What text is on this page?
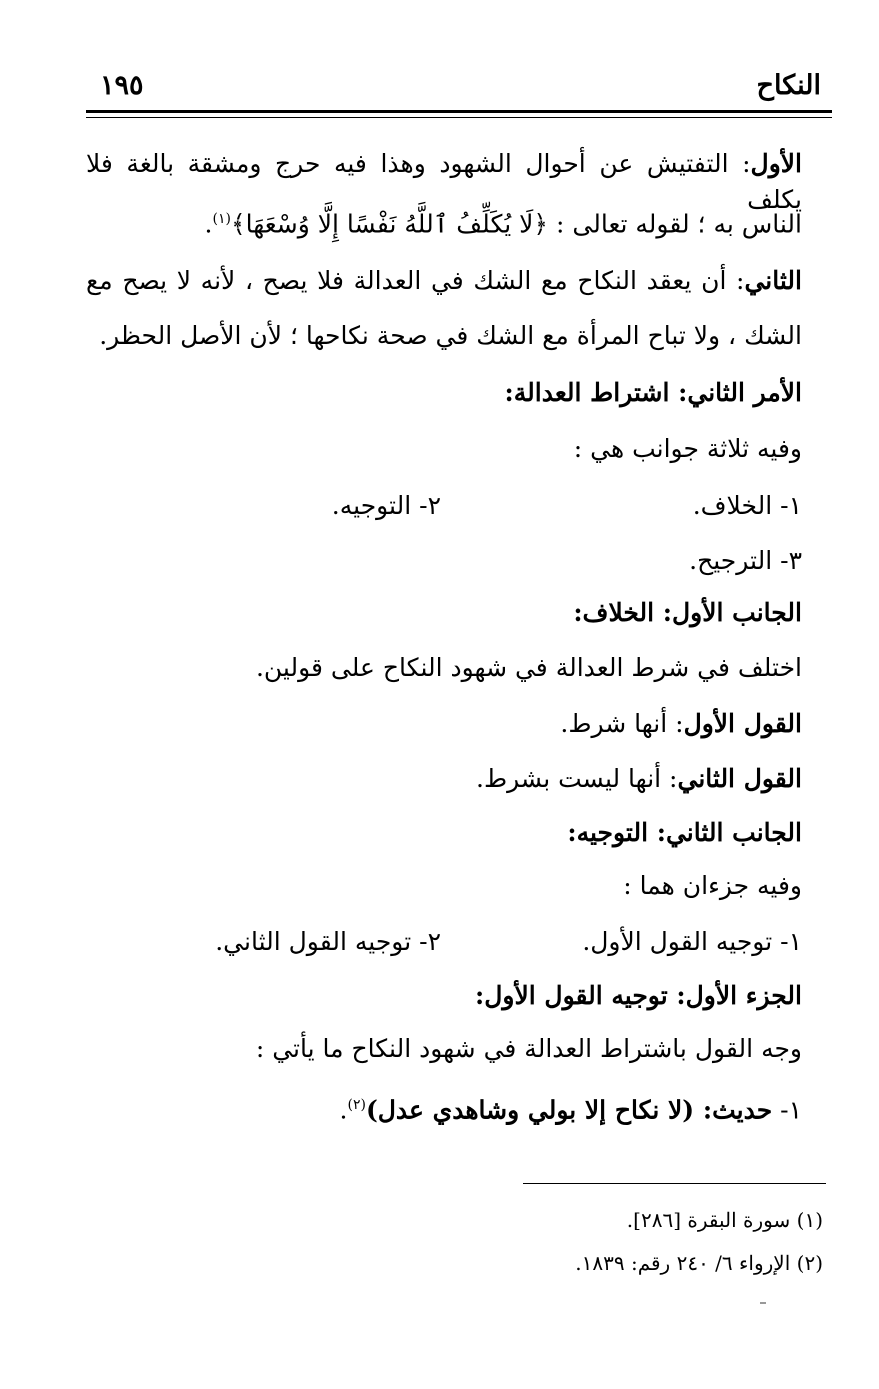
النكاح
١٩٥
الأول: التفتيش عن أحوال الشهود وهذا فيه حرج ومشقة بالغة فلا يكلف
الناس به ؛ لقوله تعالى : ﴿لَا يُكَلِّفُ ٱللَّهُ نَفْسًا إِلَّا وُسْعَهَا﴾$^{(١)}$.
الثاني: أن يعقد النكاح مع الشك في العدالة فلا يصح ، لأنه لا يصح مع
الشك ، ولا تباح المرأة مع الشك في صحة نكاحها ؛ لأن الأصل الحظر.
الأمر الثاني: اشتراط العدالة:
وفيه ثلاثة جوانب هي :
١- الخلاف.
٢- التوجيه.
٣- الترجيح.
الجانب الأول: الخلاف:
اختلف في شرط العدالة في شهود النكاح على قولين.
القول الأول: أنها شرط.
القول الثاني: أنها ليست بشرط.
الجانب الثاني: التوجيه:
وفيه جزءان هما :
١- توجيه القول الأول.
٢- توجيه القول الثاني.
الجزء الأول: توجيه القول الأول:
وجه القول باشتراط العدالة في شهود النكاح ما يأتي :
١- حديث: (لا نكاح إلا بولي وشاهدي عدل)$^{(٢)}$.
(١) سورة البقرة [٢٨٦].
(٢) الإرواء ٦/ ٢٤٠ رقم: ١٨٣٩.
